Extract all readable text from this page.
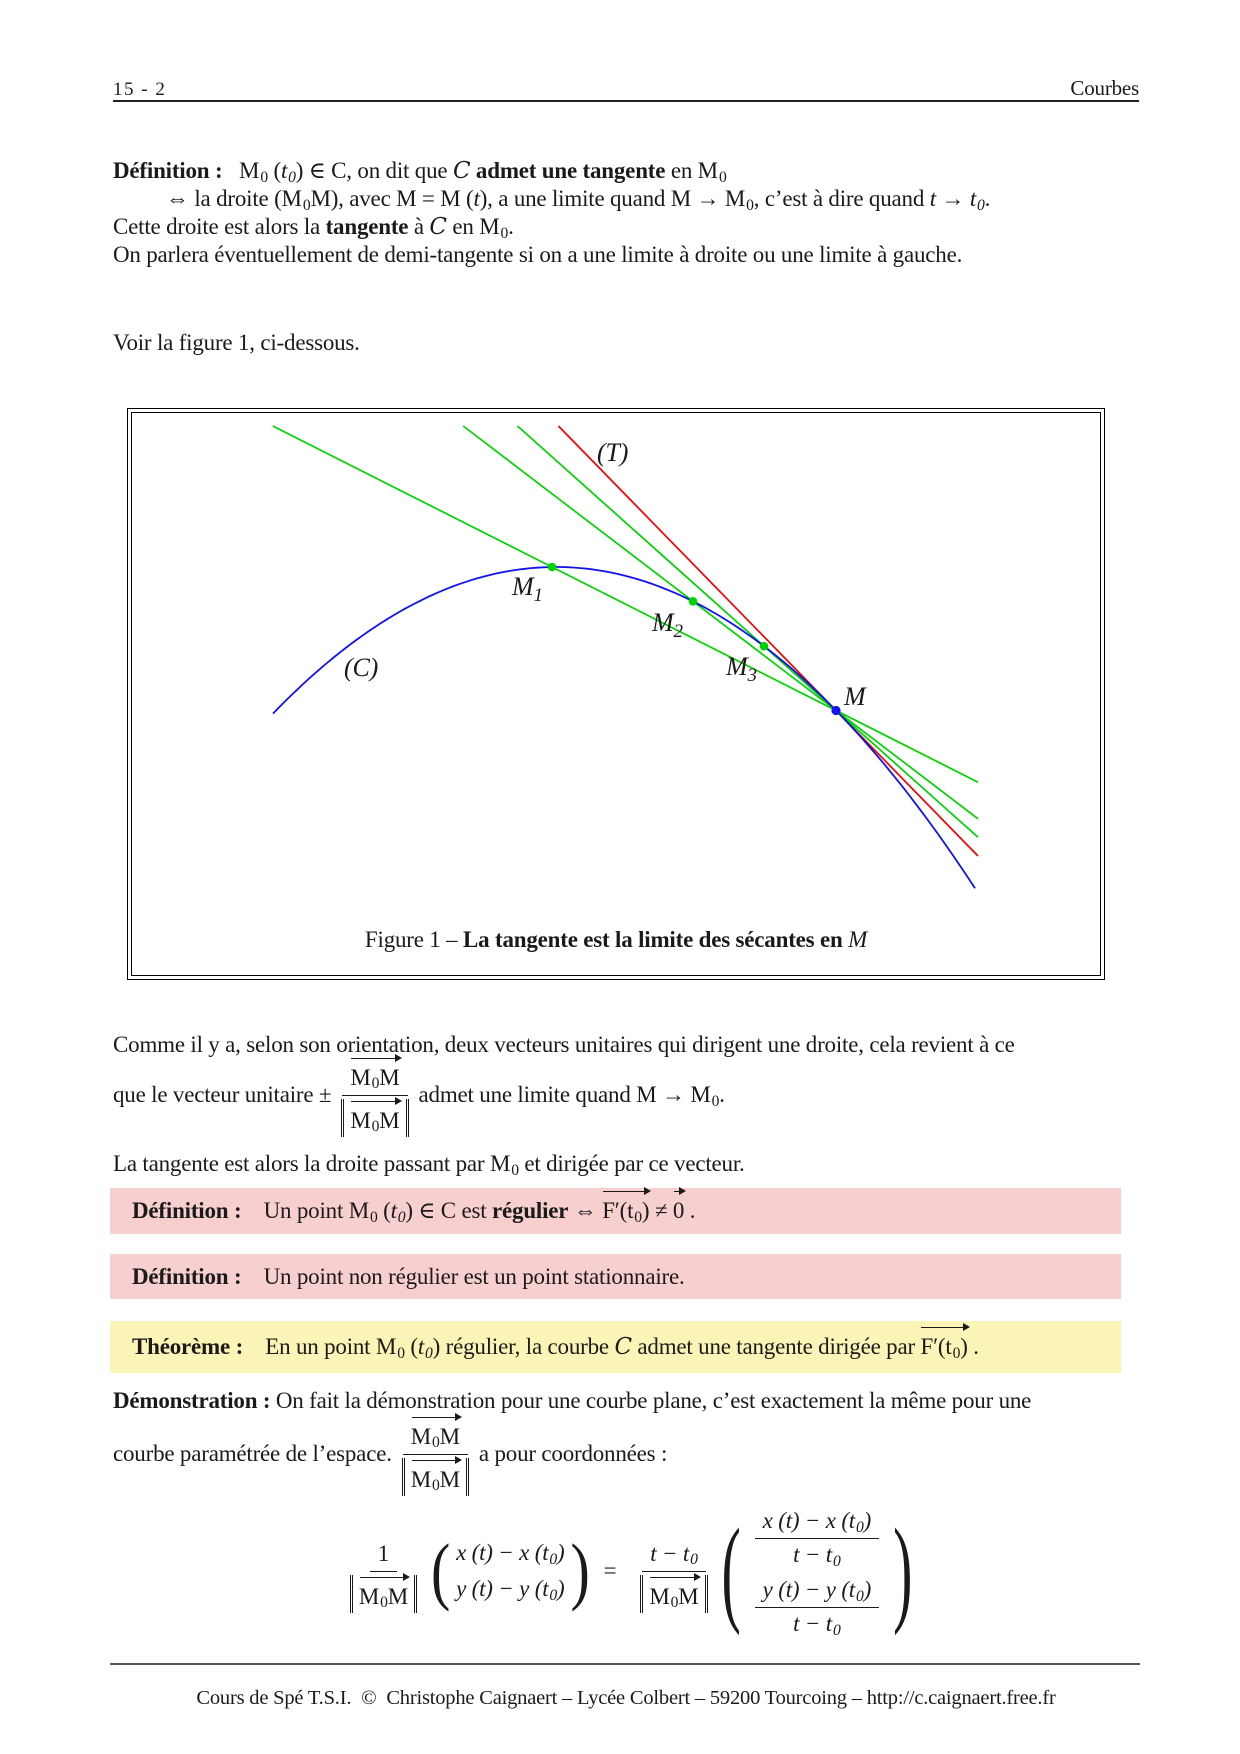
15 - 2	Courbes
Définition :   $M_0$ $(t_0)$ ∈ C, on dit que C admet une tangente en $M_0$
⇔ la droite $(M_0M)$, avec M = M (t), a une limite quand $M \to M_0$, c’est à dire quand $t \to t_0$.
Cette droite est alors la tangente à C en $M_0$.
On parlera éventuellement de demi-tangente si on a une limite à droite ou une limite à gauche.
Voir la figure 1, ci-dessous.
(T)
(C)
$M_1$
$M_2$
$M_3$
M
Figure 1 – La tangente est la limite des sécantes en M
Comme il y a, selon son orientation, deux vecteurs unitaires qui dirigent une droite, cela revient à ce
que le vecteur unitaire ± $\frac{M_0M}{M_0M}$ admet une limite quand $M \to M_0$.
La tangente est alors la droite passant par $M_0$ et dirigée par ce vecteur.
Définition :    Un point $M_0$ $(t_0)$ ∈ C est régulier ⇔ $F'(t_0) \ne 0$ .
Définition :    Un point non régulier est un point stationnaire.
Théorème :    En un point $M_0$ $(t_0)$ régulier, la courbe C admet une tangente dirigée par $F'(t_0)$ .
Démonstration : On fait la démonstration pour une courbe plane, c’est exactement la même pour une
courbe paramétrée de l’espace. $\frac{M_0M}{M_0M}$ a pour coordonnées :
$\frac{1}{M_0M}$ ( x (t) − x $(t_0)$
y (t) − y $(t_0)$ ) = $\frac{t - t_0}{M_0M}$ ( $\frac{x (t) - x (t_0)}{t - t_0}$
$\frac{y (t) - y (t_0)}{t - t_0}$ )
Cours de Spé T.S.I.  ©  Christophe Caignaert – Lycée Colbert – 59200 Tourcoing – http://c.caignaert.free.fr
